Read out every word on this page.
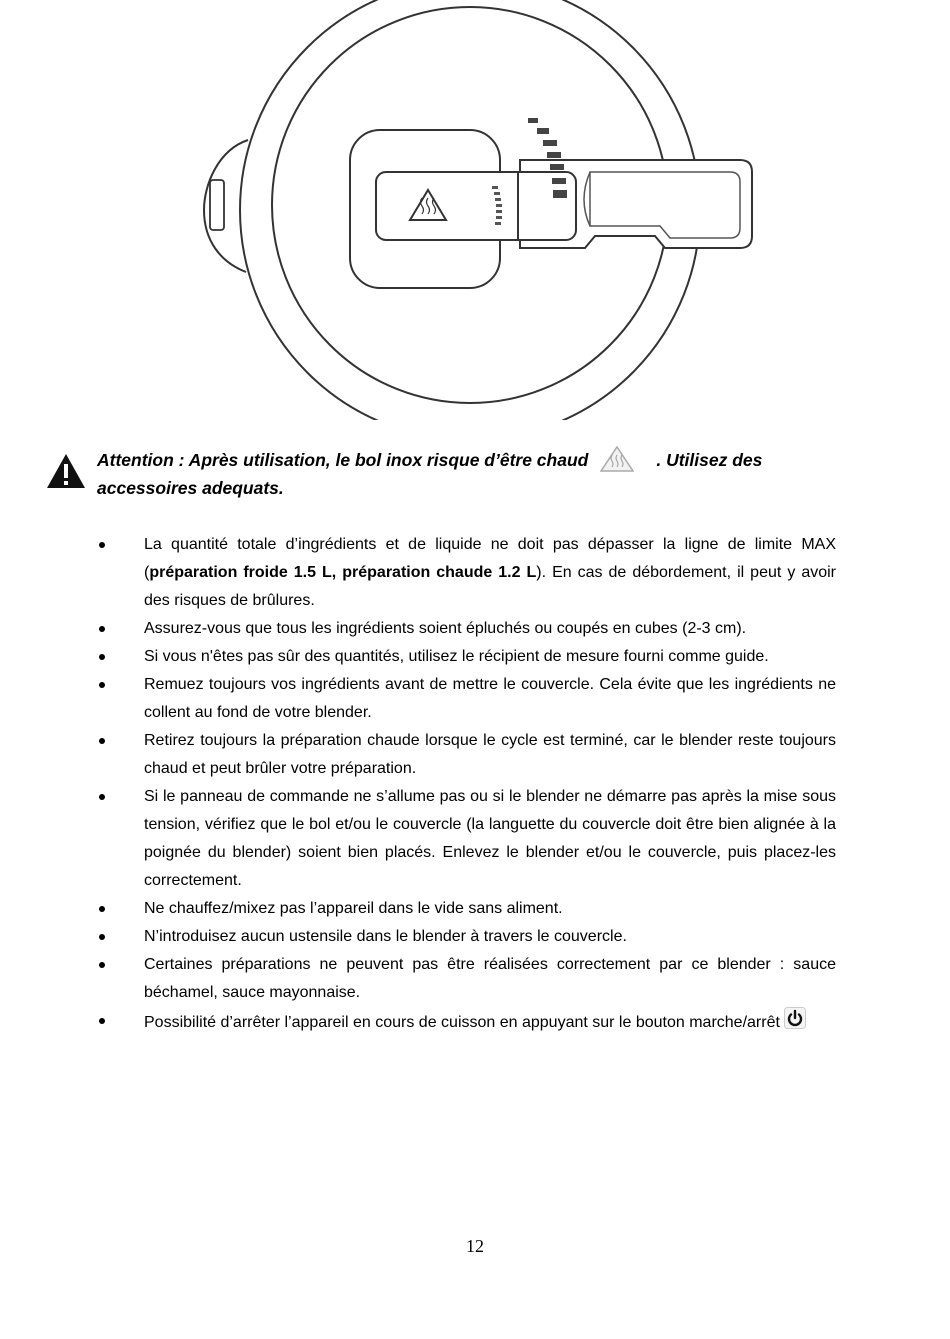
Attention : Après utilisation, le bol inox risque d’être chaud	. Utilisez des accessoires adequats.
La quantité totale d’ingrédients et de liquide ne doit pas dépasser la ligne de limite MAX (préparation froide 1.5 L, préparation chaude 1.2 L). En cas de débordement, il peut y avoir des risques de brûlures.
Assurez-vous que tous les ingrédients soient épluchés ou coupés en cubes (2-3 cm).
Si vous n'êtes pas sûr des quantités, utilisez le récipient de mesure fourni comme guide.
Remuez toujours vos ingrédients avant de mettre le couvercle. Cela évite que les ingrédients ne collent au fond de votre blender.
Retirez toujours la préparation chaude lorsque le cycle est terminé, car le blender reste toujours chaud et peut brûler votre préparation.
Si le panneau de commande ne s’allume pas ou si le blender ne démarre pas après la mise sous tension, vérifiez que le bol et/ou le couvercle (la languette du couvercle doit être bien alignée à la poignée du blender) soient bien placés. Enlevez le blender et/ou le couvercle, puis placez-les correctement.
Ne chauffez/mixez pas l’appareil dans le vide sans aliment.
N’introduisez aucun ustensile dans le blender à travers le couvercle.
Certaines préparations ne peuvent pas être réalisées correctement par ce blender : sauce béchamel, sauce mayonnaise.
Possibilité d’arrêter l’appareil en cours de cuisson en appuyant sur le bouton marche/arrêt
12
